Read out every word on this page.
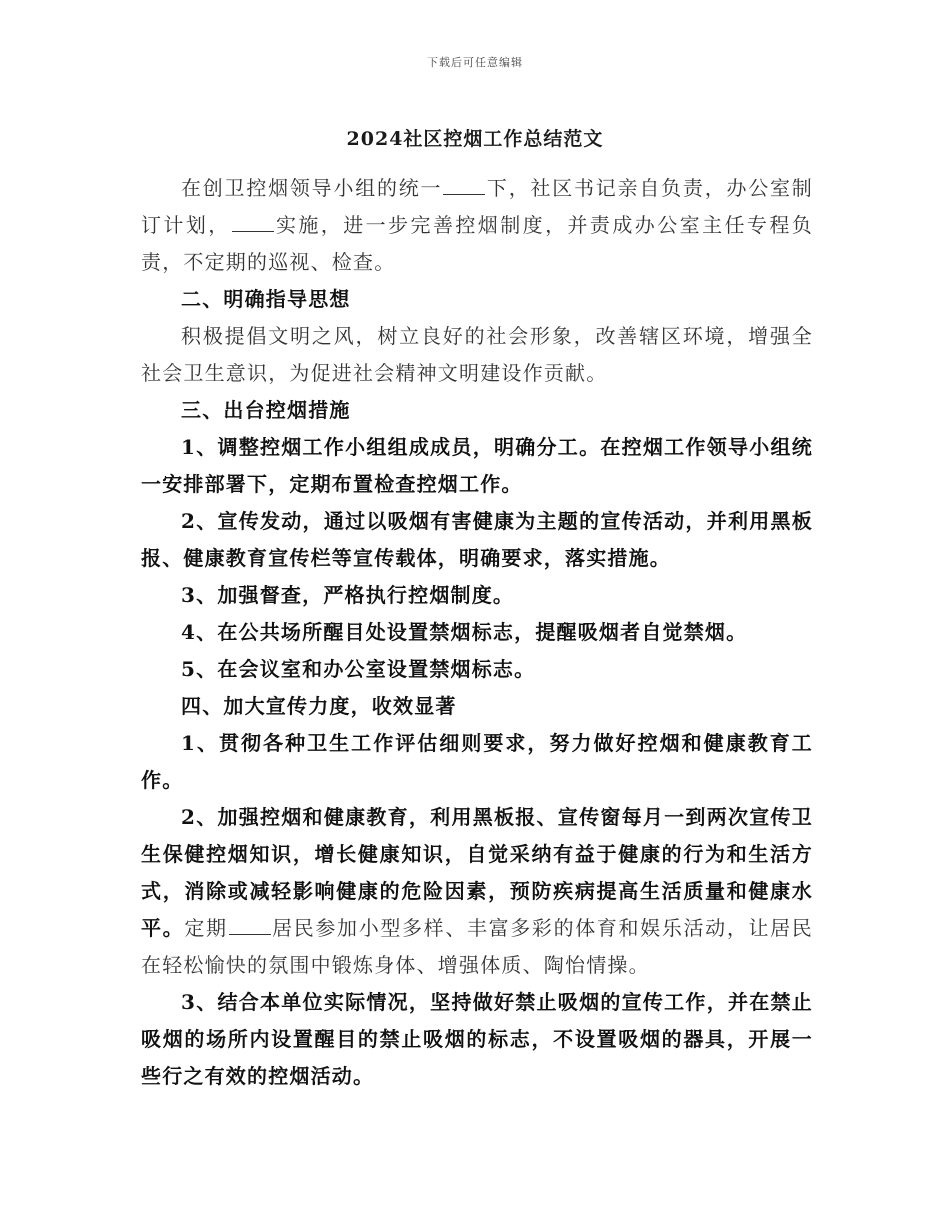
下载后可任意编辑
2024社区控烟工作总结范文

在创卫控烟领导小组的统一 下，社区书记亲自负责，办公室制订计划， 实施，进一步完善控烟制度，并责成办公室主任专程负责，不定期的巡视、检查。

二、明确指导思想

积极提倡文明之风，树立良好的社会形象，改善辖区环境，增强全社会卫生意识，为促进社会精神文明建设作贡献。

三、出台控烟措施

1、调整控烟工作小组组成成员，明确分工。在控烟工作领导小组统一安排部署下，定期布置检查控烟工作。

2、宣传发动，通过以吸烟有害健康为主题的宣传活动，并利用黑板报、健康教育宣传栏等宣传载体，明确要求，落实措施。

3、加强督查，严格执行控烟制度。

4、在公共场所醒目处设置禁烟标志，提醒吸烟者自觉禁烟。

5、在会议室和办公室设置禁烟标志。

四、加大宣传力度，收效显著

1、贯彻各种卫生工作评估细则要求，努力做好控烟和健康教育工作。

2、加强控烟和健康教育，利用黑板报、宣传窗每月一到两次宣传卫生保健控烟知识，增长健康知识，自觉采纳有益于健康的行为和生活方式，消除或减轻影响健康的危险因素，预防疾病提高生活质量和健康水平。定期 居民参加小型多样、丰富多彩的体育和娱乐活动，让居民在轻松愉快的氛围中锻炼身体、增强体质、陶怡情操。

3、结合本单位实际情况，坚持做好禁止吸烟的宣传工作，并在禁止吸烟的场所内设置醒目的禁止吸烟的标志，不设置吸烟的器具，开展一些行之有效的控烟活动。
